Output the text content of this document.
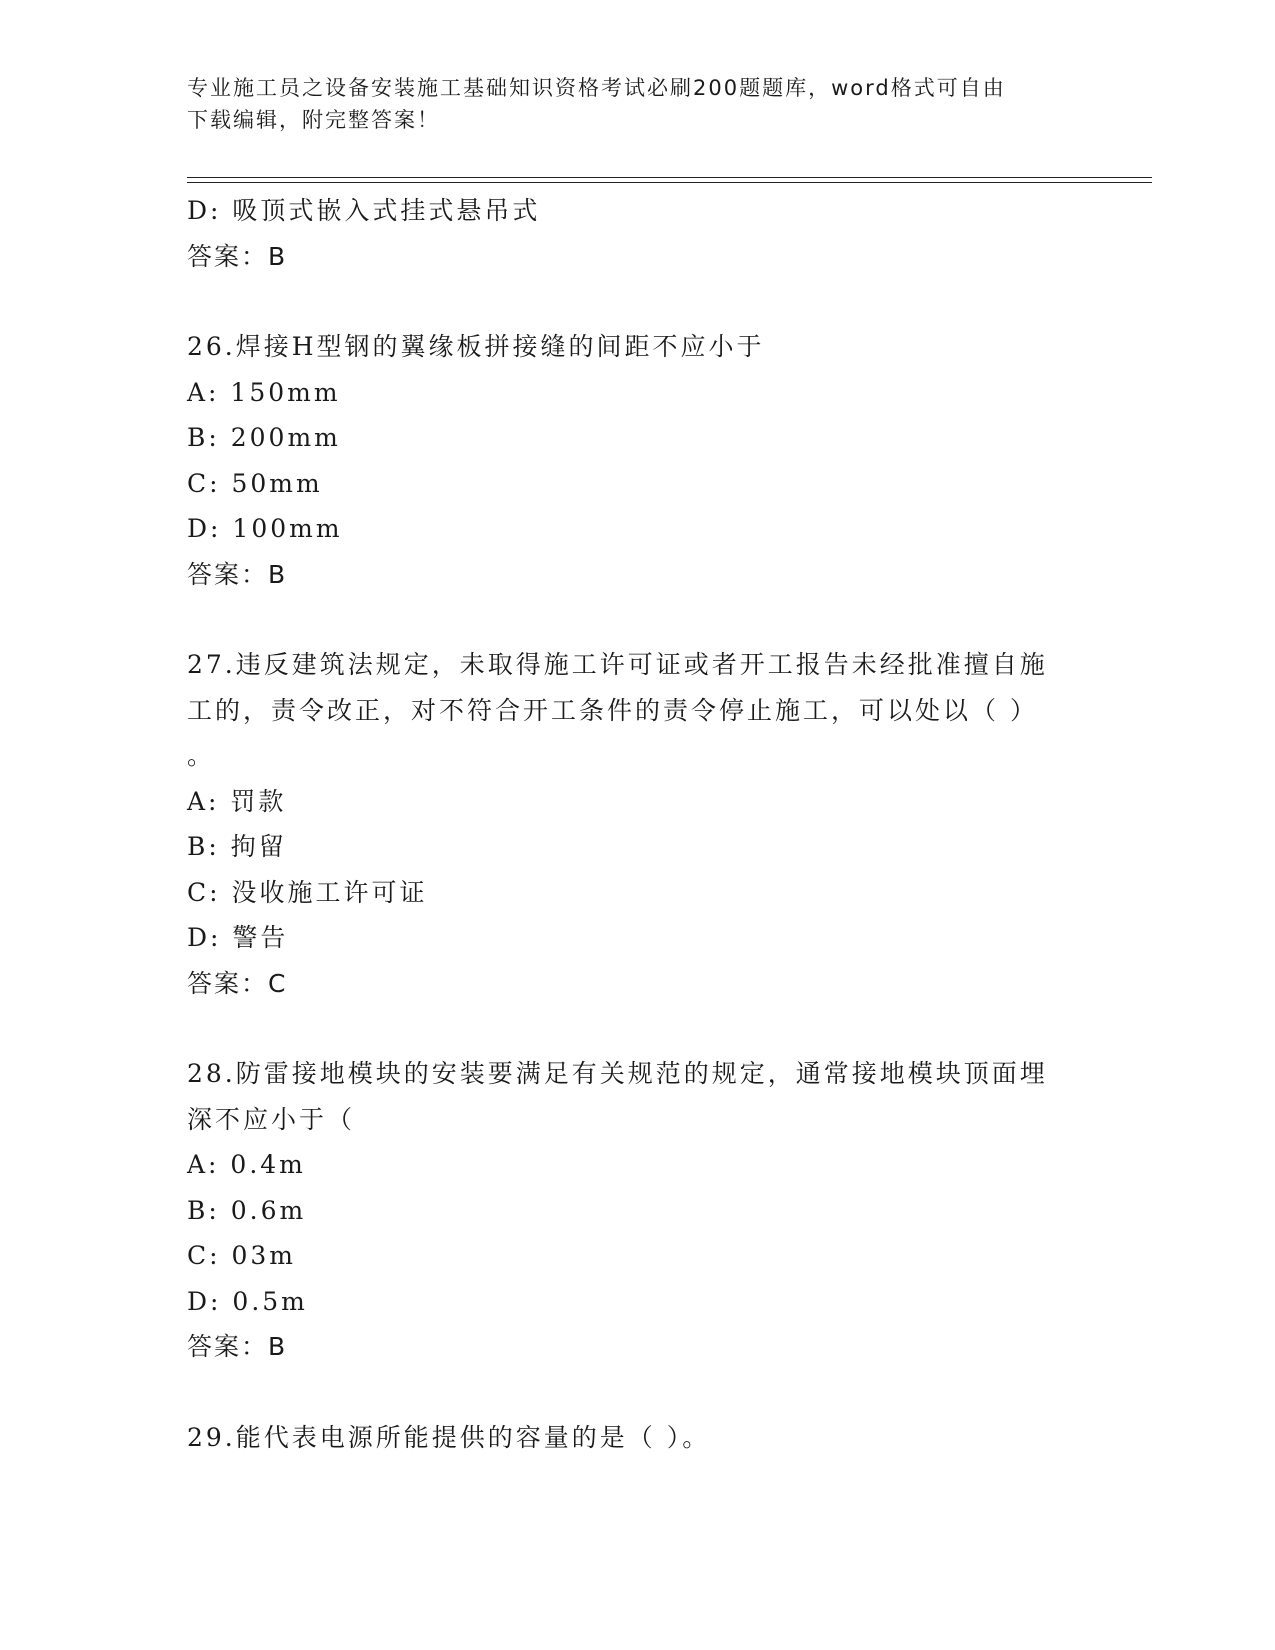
专业施工员之设备安装施工基础知识资格考试必刷200题题库，word格式可自由
下载编辑，附完整答案！
D: 吸顶式嵌入式挂式悬吊式
答案：B
26.焊接H型钢的翼缘板拼接缝的间距不应小于
A: 150mm
B: 200mm
C: 50mm
D: 100mm
答案：B
27.违反建筑法规定，未取得施工许可证或者开工报告未经批准擅自施
工的，责令改正，对不符合开工条件的责令停止施工，可以处以（ ）
。
A: 罚款
B: 拘留
C: 没收施工许可证
D: 警告
答案：C
28.防雷接地模块的安装要满足有关规范的规定，通常接地模块顶面埋
深不应小于（
A: 0.4m
B: 0.6m
C: 03m
D: 0.5m
答案：B
29.能代表电源所能提供的容量的是（ ）。
